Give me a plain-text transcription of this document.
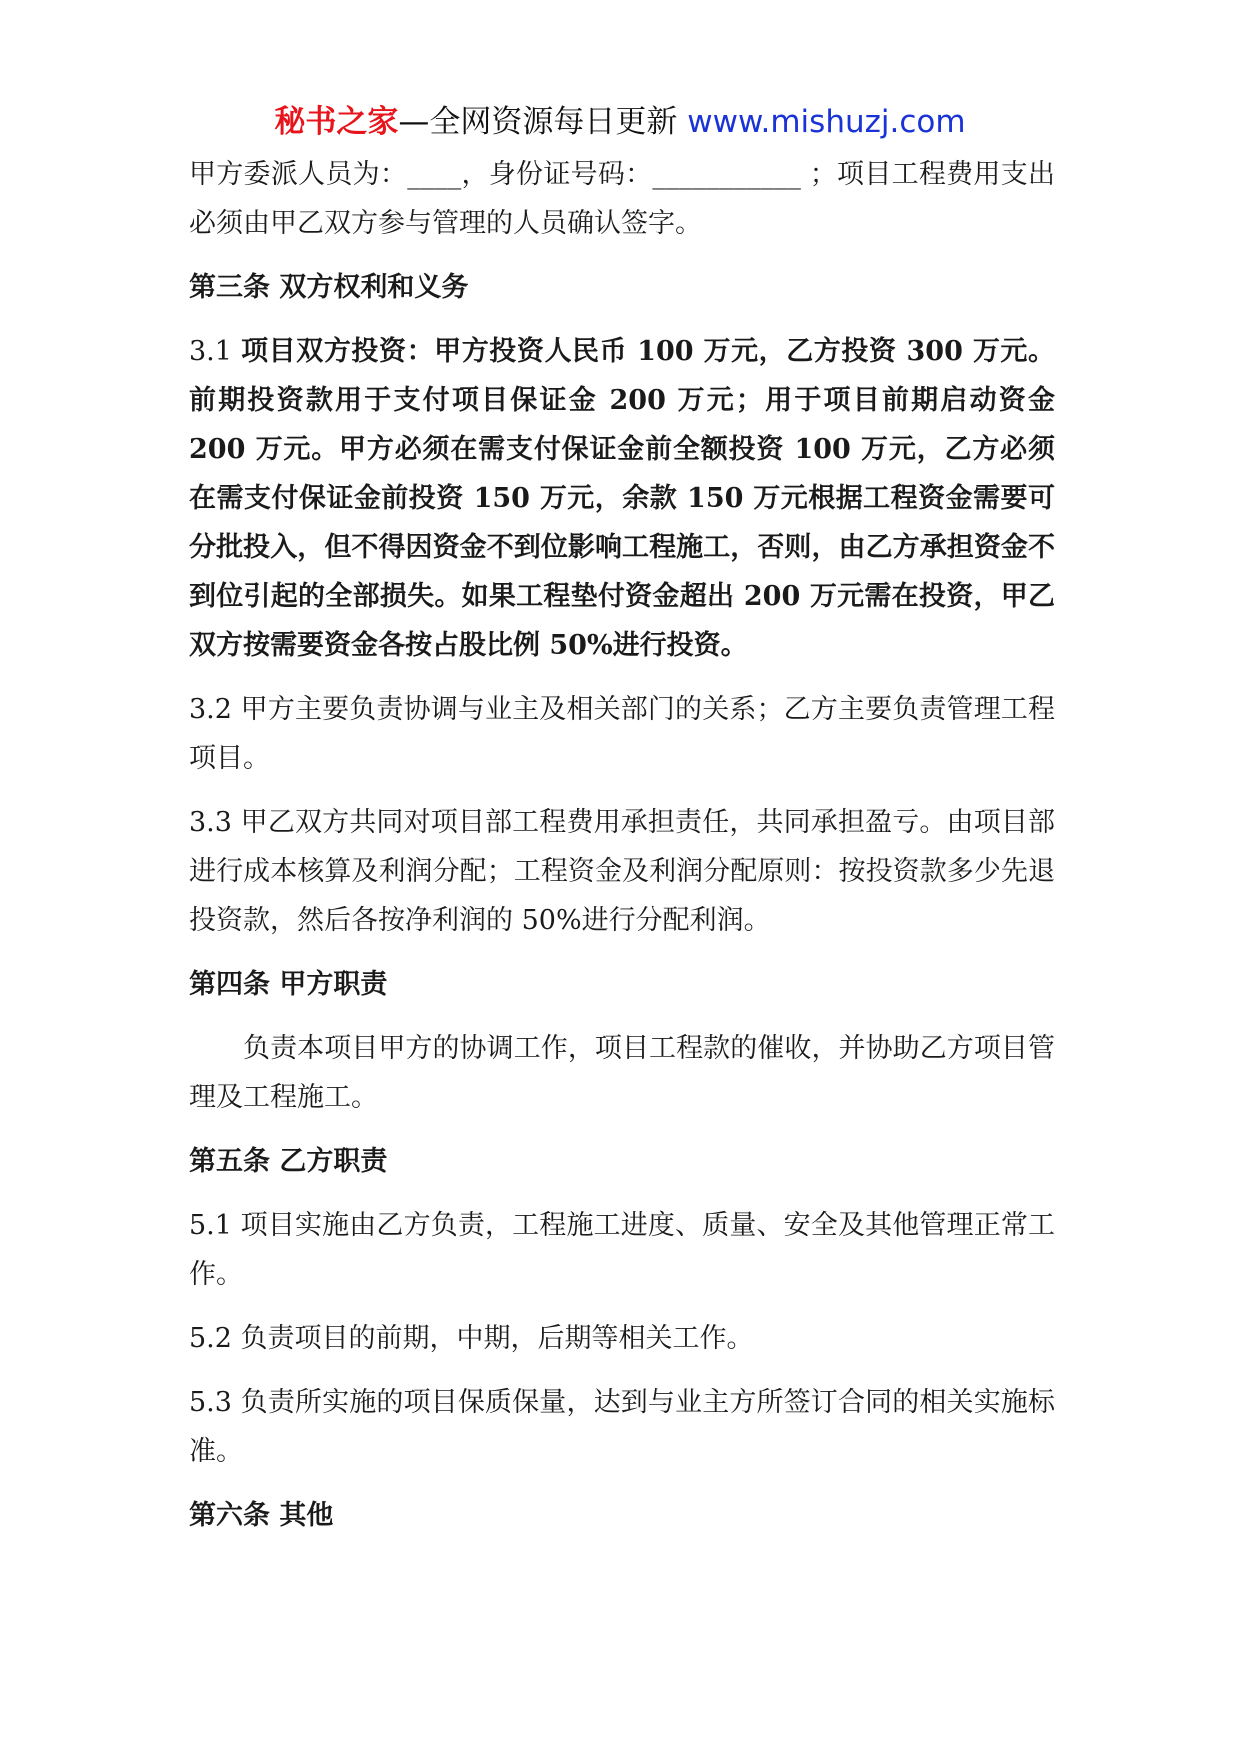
秘书之家—全网资源每日更新 www.mishuzj.com

甲方委派人员为：____，身份证号码：___________ ；项目工程费用支出必须由甲乙双方参与管理的人员确认签字。

第三条 双方权利和义务

3.1 项目双方投资：甲方投资人民币 100 万元，乙方投资 300 万元。前期投资款用于支付项目保证金 200 万元；用于项目前期启动资金 200 万元。甲方必须在需支付保证金前全额投资 100 万元，乙方必须在需支付保证金前投资 150 万元，余款 150 万元根据工程资金需要可分批投入，但不得因资金不到位影响工程施工，否则，由乙方承担资金不到位引起的全部损失。如果工程垫付资金超出 200 万元需在投资，甲乙双方按需要资金各按占股比例 50%进行投资。

3.2 甲方主要负责协调与业主及相关部门的关系；乙方主要负责管理工程项目。

3.3 甲乙双方共同对项目部工程费用承担责任，共同承担盈亏。由项目部进行成本核算及利润分配；工程资金及利润分配原则：按投资款多少先退投资款，然后各按净利润的 50%进行分配利润。

第四条 甲方职责

负责本项目甲方的协调工作，项目工程款的催收，并协助乙方项目管理及工程施工。

第五条 乙方职责

5.1 项目实施由乙方负责，工程施工进度、质量、安全及其他管理正常工作。

5.2 负责项目的前期，中期，后期等相关工作。

5.3 负责所实施的项目保质保量，达到与业主方所签订合同的相关实施标准。

第六条 其他
